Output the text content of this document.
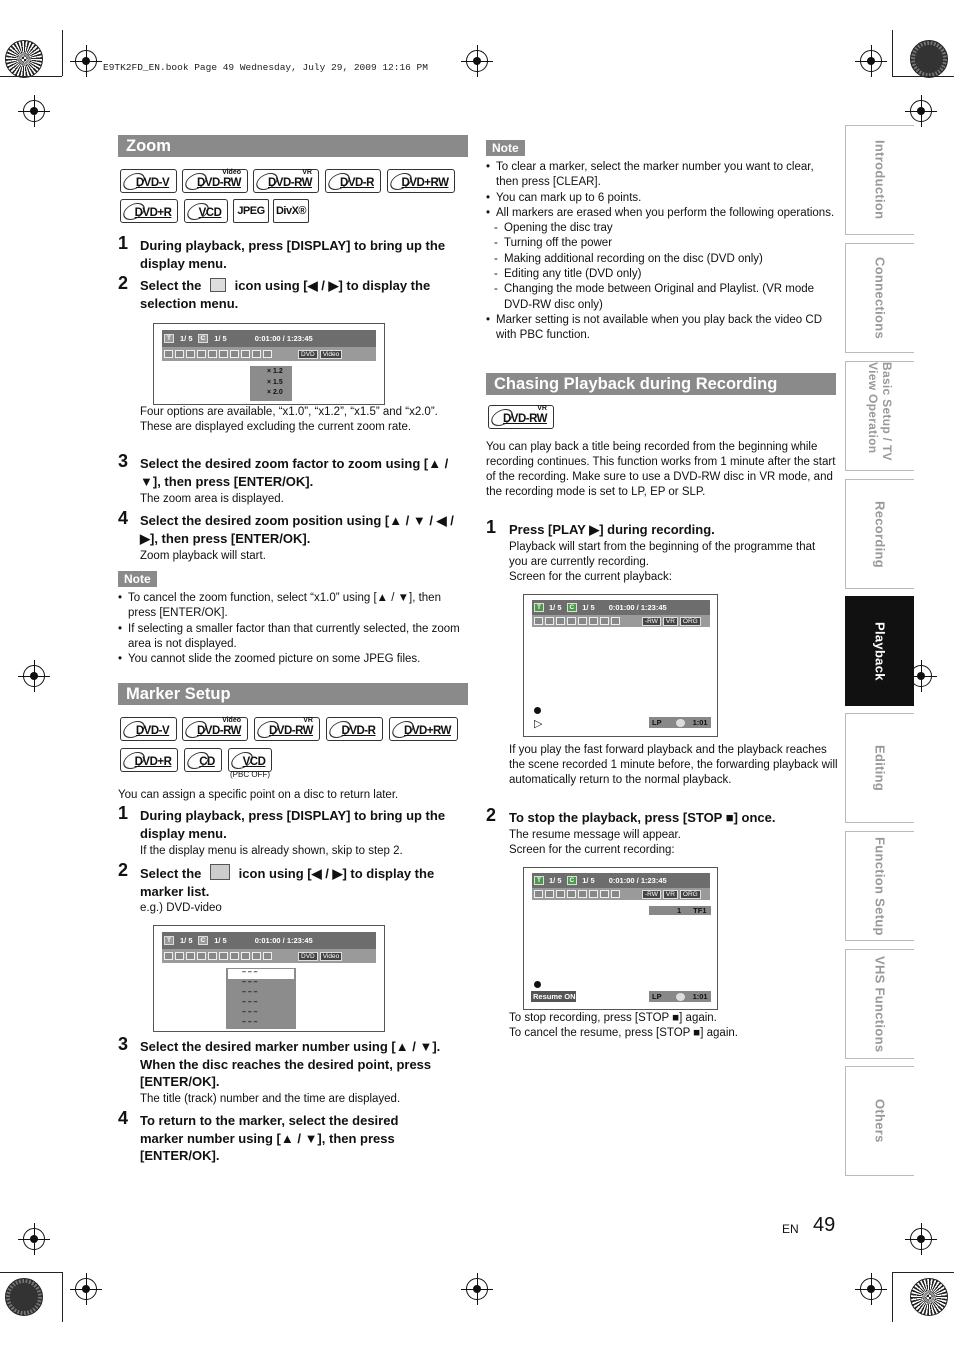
E9TK2FD_EN.book Page 49 Wednesday, July 29, 2009 12:16 PM
Introduction
Connections
Basic Setup / TV View Operation
Recording
Playback
Editing
Function Setup
VHS Functions
Others
EN 49
Zoom
DVD-V
Video
DVD-RW
VR
DVD-RW	DVD-R	DVD+RW
DVD+R	VCD JPEG DivX®
1 During playback, press [DISPLAY] to bring up the display menu.
2 Select the	icon using [◀ / ▶] to display the selection menu.
T	1/ 5	C	1/ 5	0:01:00 / 1:23:45
DVD	Video
× 1.2
× 1.5
× 2.0
Four options are available, “x1.0”, “x1.2”, “x1.5” and “x2.0”. These are displayed excluding the current zoom rate.
3 Select the desired zoom factor to zoom using [▲ / ▼], then press [ENTER/OK].
The zoom area is displayed.
4 Select the desired zoom position using [▲ / ▼ / ◀ / ▶], then press [ENTER/OK].
Zoom playback will start.
Note
• To cancel the zoom function, select “x1.0” using [▲ / ▼], then press [ENTER/OK].
• If selecting a smaller factor than that currently selected, the zoom area is not displayed.
• You cannot slide the zoomed picture on some JPEG files.
Marker Setup
DVD-V
Video
DVD-RW
VR
DVD-RW	DVD-R	DVD+RW
DVD+R	CD	VCD
(PBC OFF)
You can assign a specific point on a disc to return later.
1 During playback, press [DISPLAY] to bring up the display menu.
If the display menu is already shown, skip to step 2.
2 Select the	icon using [◀ / ▶] to display the marker list.
e.g.) DVD-video
T	1/ 5	C	1/ 5	0:01:00 / 1:23:45
DVD	Video
– – –
– – –
– – –
– – –
– – –
– – –
3 Select the desired marker number using [▲ / ▼]. When the disc reaches the desired point, press [ENTER/OK].
The title (track) number and the time are displayed.
4 To return to the marker, select the desired marker number using [▲ / ▼], then press [ENTER/OK].
Note
• To clear a marker, select the marker number you want to clear, then press [CLEAR].
• You can mark up to 6 points.
• All markers are erased when you perform the following operations.
- Opening the disc tray
- Turning off the power
- Making additional recording on the disc (DVD only)
- Editing any title (DVD only)
- Changing the mode between Original and Playlist. (VR mode DVD-RW disc only)
• Marker setting is not available when you play back the video CD with PBC function.
Chasing Playback during Recording
VR
DVD-RW
You can play back a title being recorded from the beginning while recording continues. This function works from 1 minute after the start of the recording. Make sure to use a DVD-RW disc in VR mode, and the recording mode is set to LP, EP or SLP.
1 Press [PLAY ▶] during recording.
Playback will start from the beginning of the programme that you are currently recording.
Screen for the current playback:
T	1/ 5	C	1/ 5 0:01:00 / 1:23:45
-RW	VR	ORG
▷	LP	1:01
If you play the fast forward playback and the playback reaches the scene recorded 1 minute before, the forwarding playback will automatically return to the normal playback.
2 To stop the playback, press [STOP ■] once.
The resume message will appear.
Screen for the current recording:
T	1/ 5	C	1/ 5 0:01:00 / 1:23:45
-RW	VR	ORG
1 TF1
Resume ON	LP	1:01
To stop recording, press [STOP ■] again.
To cancel the resume, press [STOP ■] again.
